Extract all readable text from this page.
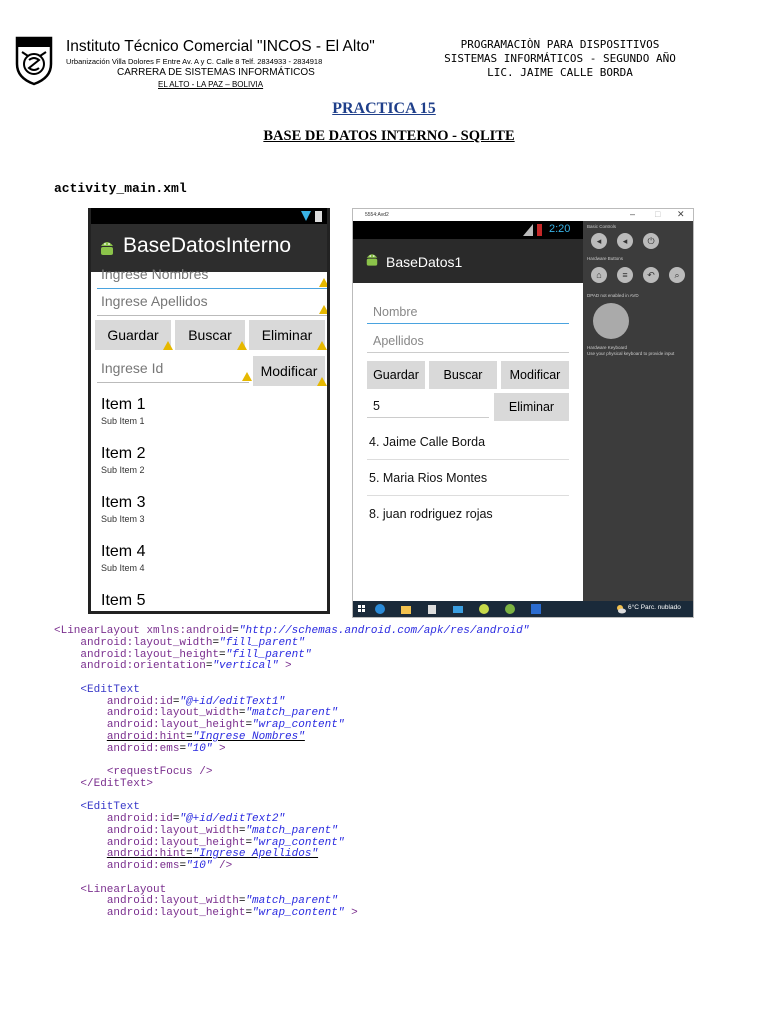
Instituto Técnico Comercial "INCOS - El Alto"
Urbanización Villa Dolores F Entre Av. A y C. Calle 8 Telf. 2834933 - 2834918
CARRERA DE SISTEMAS INFORMÁTICOS
EL ALTO - LA PAZ – BOLIVIA
PROGRAMACIÒN PARA DISPOSITIVOS
SISTEMAS INFORMÁTICOS - SEGUNDO AÑO
LIC. JAIME CALLE BORDA
PRACTICA 15
BASE DE DATOS INTERNO - SQLITE
activity_main.xml
BaseDatosInterno
Ingrese Nombres
Ingrese Apellidos
Guardar Buscar Eliminar
Ingrese Id	Modificar
Item 1
Sub Item 1
Item 2
Sub Item 2
Item 3
Sub Item 3
Item 4
Sub Item 4
Item 5
5554:Avd2	– □ ✕
2:20
BaseDatos1
Nombre
Apellidos
Guardar Buscar Modificar
5	Eliminar
4. Jaime Calle Borda
5. Maria Rios Montes
8. juan rodriguez rojas
Basic Controls
◂	◂	⏻
Hardware Buttons
⌂	≡	↶	⌕
DPAD not enabled in AVD
Hardware Keyboard
Use your physical keyboard to provide input
6°C Parc. nublado
<LinearLayout xmlns:android="http://schemas.android.com/apk/res/android"
android:layout_width="fill_parent"
android:layout_height="fill_parent"
android:orientation="vertical" >

<EditText
android:id="@+id/editText1"
android:layout_width="match_parent"
android:layout_height="wrap_content"
android:hint="Ingrese Nombres"
android:ems="10" >

<requestFocus />
</EditText>

<EditText
android:id="@+id/editText2"
android:layout_width="match_parent"
android:layout_height="wrap_content"
android:hint="Ingrese Apellidos"
android:ems="10" />

<LinearLayout
android:layout_width="match_parent"
android:layout_height="wrap_content" >
